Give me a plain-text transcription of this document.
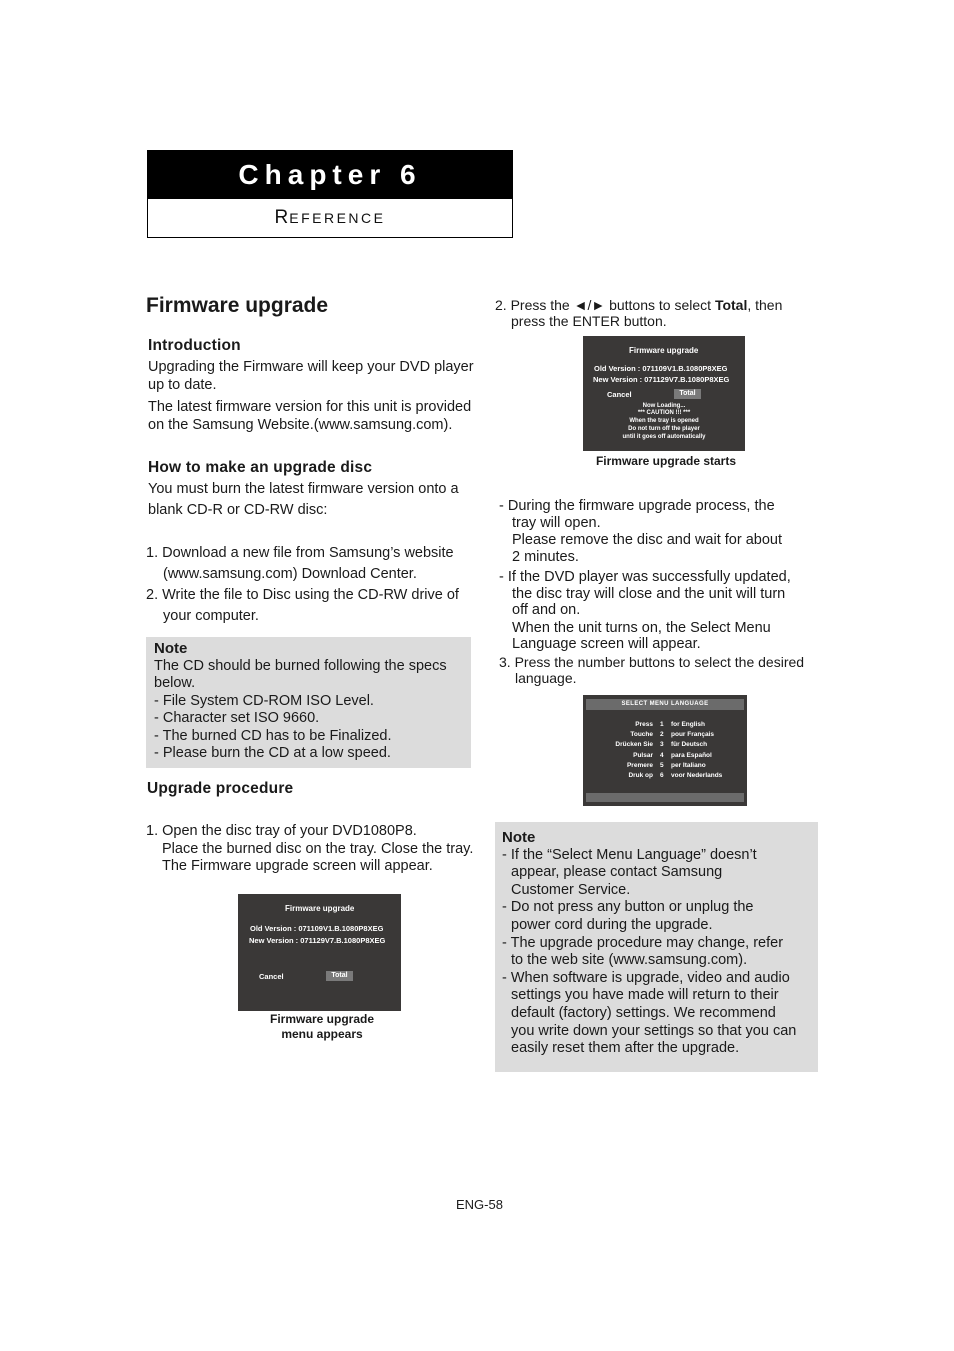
Chapter 6
REFERENCE
Firmware upgrade
Introduction
Upgrading the Firmware will keep your DVD player
up to date.
The latest firmware version for this unit is provided
on the Samsung Website.(www.samsung.com).
How to make an upgrade disc
You must burn the latest firmware version onto a
blank CD-R or CD-RW disc:
1. Download a new file from Samsung’s website
(www.samsung.com) Download Center.
2. Write the file to Disc using the CD-RW drive of
your computer.
Note
The CD should be burned following the specs
below.
- File System CD-ROM ISO Level.
- Character set ISO 9660.
- The burned CD has to be Finalized.
- Please burn the CD at a low speed.
Upgrade procedure
1. Open the disc tray of your DVD1080P8.
Place the burned disc on the tray. Close the tray.
The Firmware upgrade screen will appear.
Firmware upgrade
Old Version : 071109V1.B.1080P8XEG
New Version : 071129V7.B.1080P8XEG
Cancel	Total
Firmware upgrade
menu appears
2. Press the ◄/► buttons to select Total, then
press the ENTER button.
Firmware upgrade
Old Version : 071109V1.B.1080P8XEG
New Version : 071129V7.B.1080P8XEG
Cancel	Total
Now Loading...
*** CAUTION !!! ***
When the tray is opened
Do not turn off the player
until it goes off automatically
Firmware upgrade starts
- During the firmware upgrade process, the
tray will open.
Please remove the disc and wait for about
2 minutes.
- If the DVD player was successfully updated,
the disc tray will close and the unit will turn
off and on.
When the unit turns on, the Select Menu
Language screen will appear.
3. Press the number buttons to select the desired
language.
SELECT MENU LANGUAGE
Press 1 for English
Touche 2 pour Français
Drücken Sie 3 für Deutsch
Pulsar 4 para Español
Premere 5 per Italiano
Druk op 6 voor Nederlands
Note
- If the “Select Menu Language” doesn’t
appear, please contact Samsung
Customer Service.
- Do not press any button or unplug the
power cord during the upgrade.
- The upgrade procedure may change, refer
to the web site (www.samsung.com).
- When software is upgrade, video and audio
settings you have made will return to their
default (factory) settings. We recommend
you write down your settings so that you can
easily reset them after the upgrade.
ENG-58
